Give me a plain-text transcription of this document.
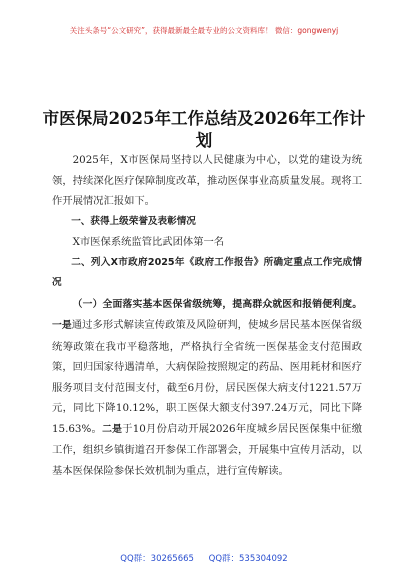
关注头条号“公文研究”，获得最新最全最专业的公文资料库！ 微信：gongwenyj
市医保局2025年工作总结及2026年工作计划

2025年，X市医保局坚持以人民健康为中心，以党的建设为统领，持续深化医疗保障制度改革，推动医保事业高质量发展。现将工作开展情况汇报如下。

一、获得上级荣誉及表彰情况

X市医保系统监管比武团体第一名

二、列入X市政府2025年《政府工作报告》所确定重点工作完成情况

（一）全面落实基本医保省级统筹，提高群众就医和报销便利度。一是通过多形式解读宣传政策及风险研判，使城乡居民基本医保省级统筹政策在我市平稳落地，严格执行全省统一医保基金支付范围政策，回归国家待遇清单，大病保险按照规定的药品、医用耗材和医疗服务项目支付范围支付，截至6月份，居民医保大病支付1221.57万元，同比下降10.12%，职工医保大额支付397.24万元，同比下降15.63%。二是于10月份启动开展2026年度城乡居民医保集中征缴工作，组织乡镇街道召开参保工作部署会，开展集中宣传月活动，以基本医保保险参保长效机制为重点，进行宣传解读。

QQ群：30265665 QQ群：535304092
